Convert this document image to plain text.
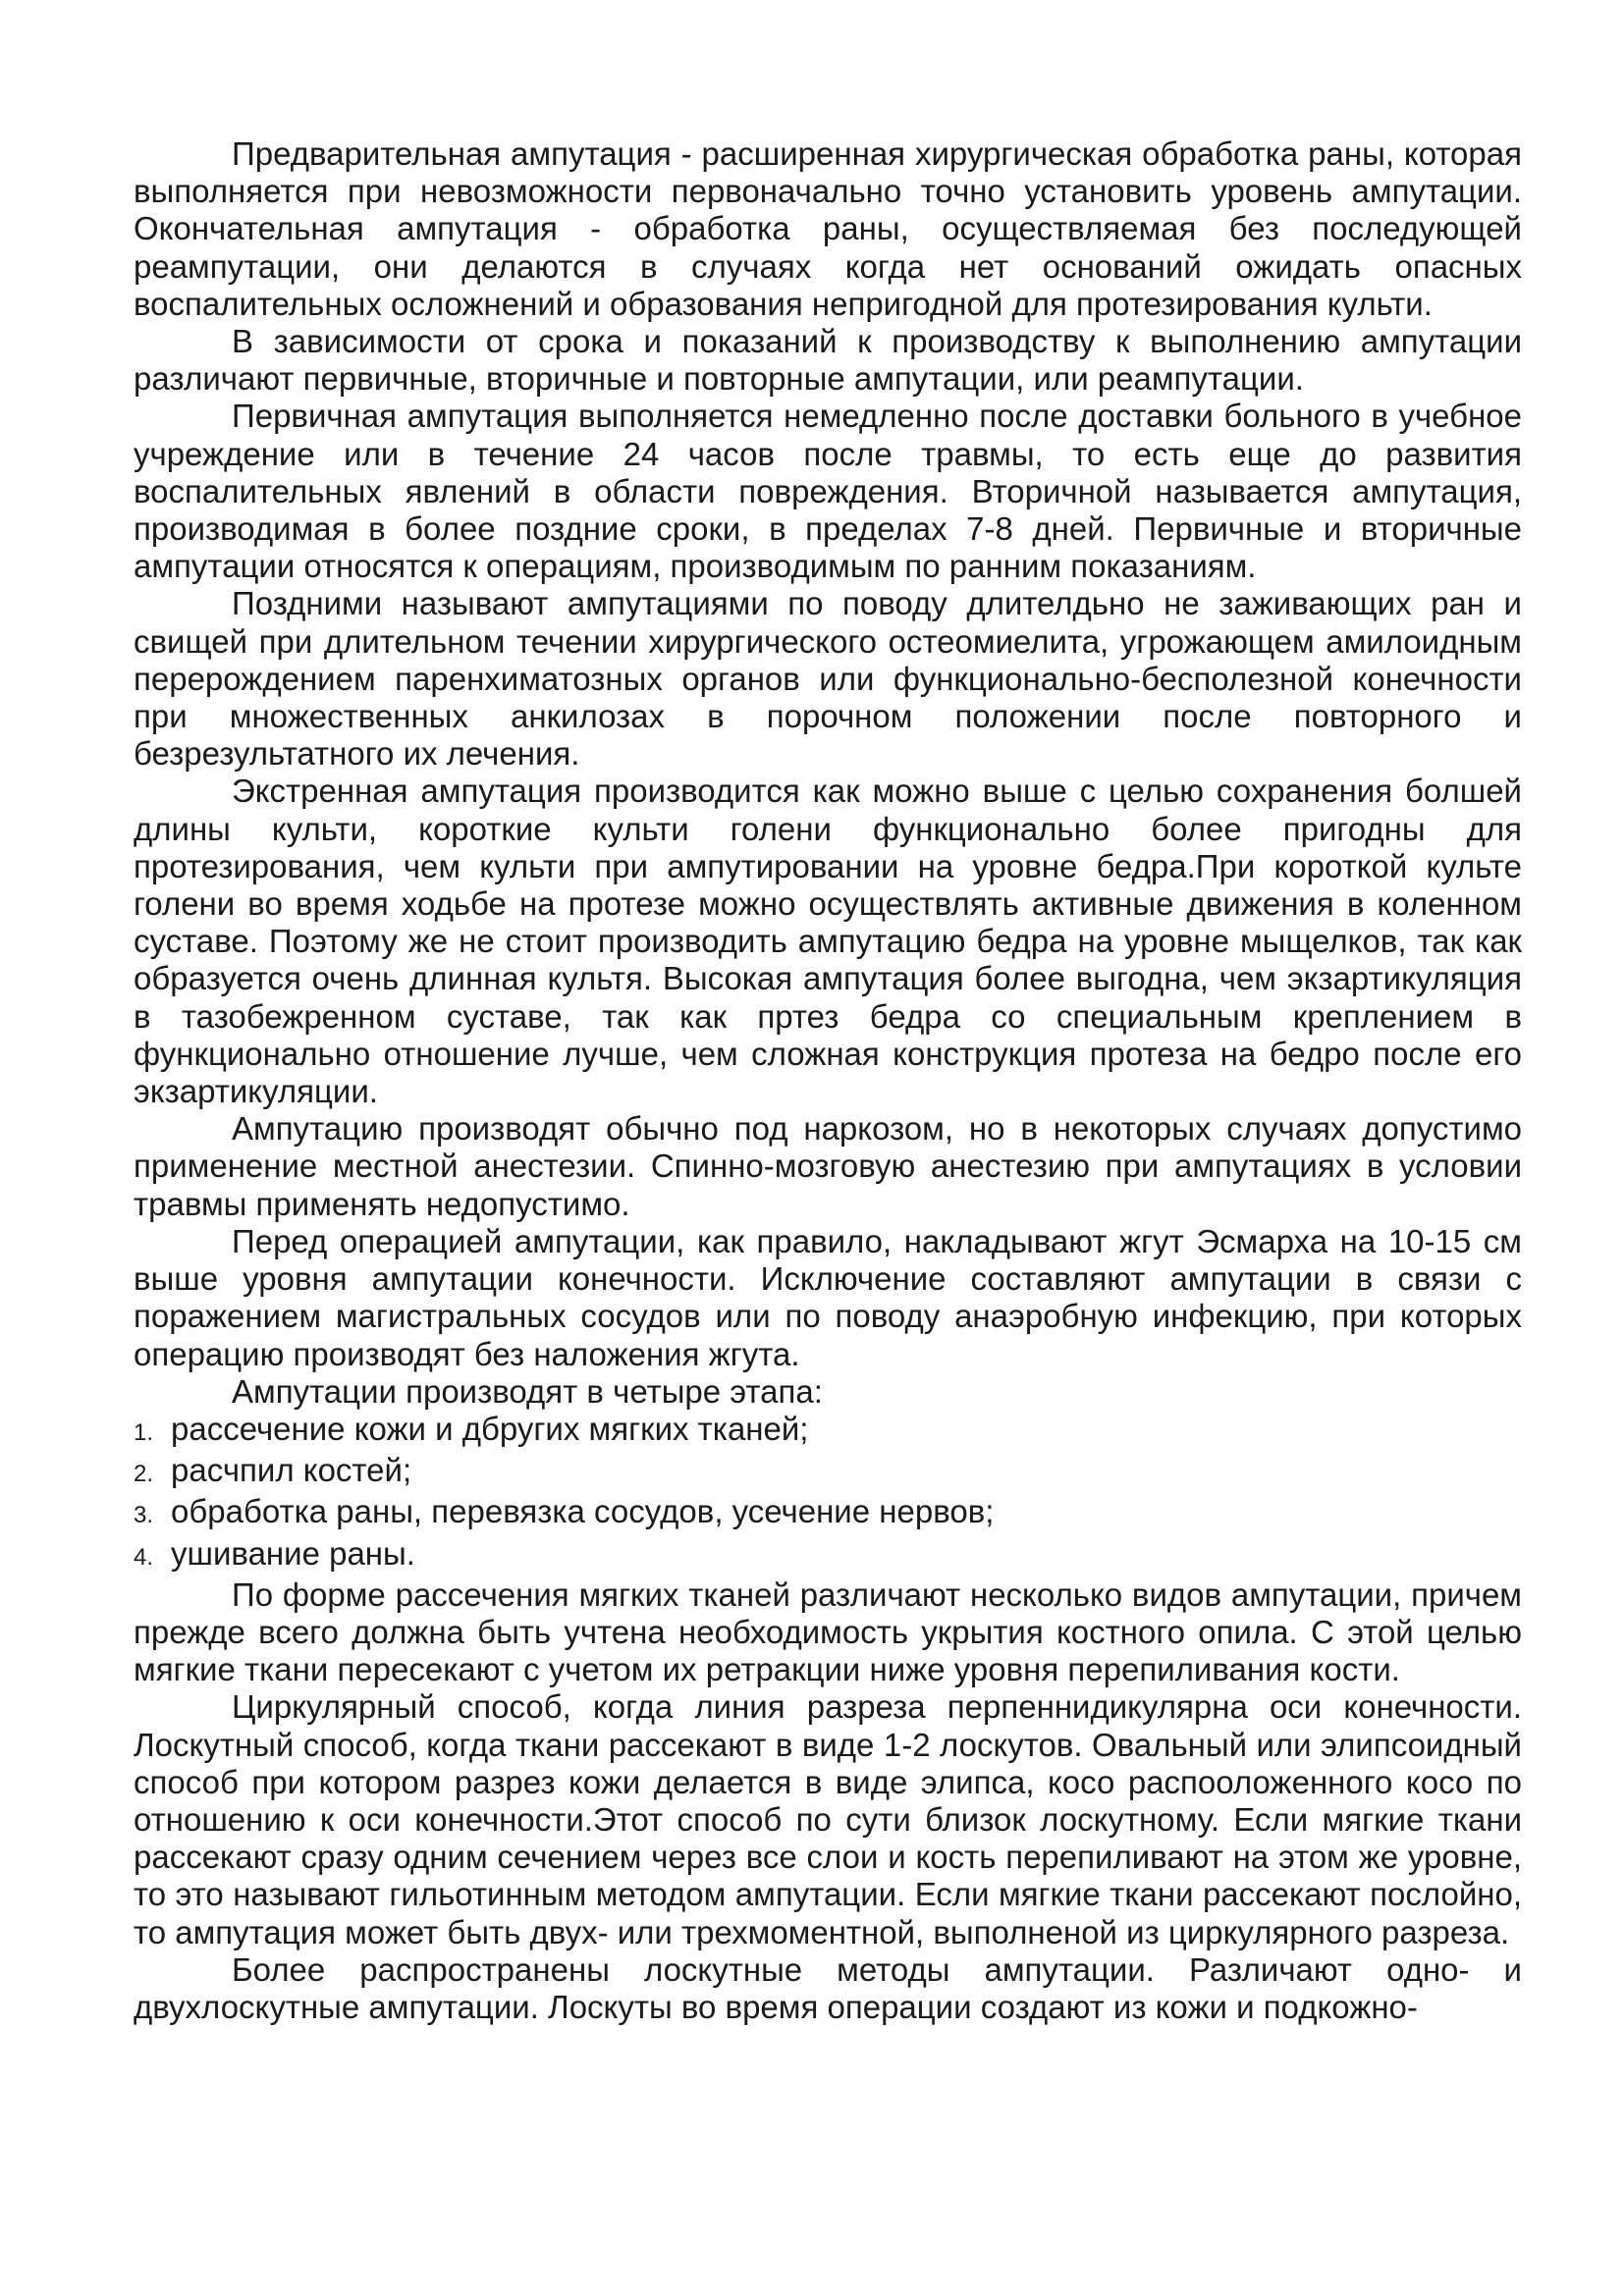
Предварительная ампутация - расширенная хирургическая обработка раны, которая выполняется при невозможности первоначально точно установить уровень ампутации. Окончательная ампутация - обработка раны, осуществляемая без последующей реампутации, они делаются в случаях когда нет оснований ожидать опасных воспалительных осложнений и образования непригодной для протезирования культи.

В зависимости от срока и показаний к производству к выполнению ампутации различают первичные, вторичные и повторные ампутации, или реампутации.

Первичная ампутация выполняется немедленно после доставки больного в учебное учреждение или в течение 24 часов после травмы, то есть еще до развития воспалительных явлений в области повреждения. Вторичной называется ампутация, производимая в более поздние сроки, в пределах 7-8 дней. Первичные и вторичные ампутации относятся к операциям, производимым по ранним показаниям.

Поздними называют ампутациями по поводу длителдьно не заживающих ран и свищей при длительном течении хирургического остеомиелита, угрожающем амилоидным перерождением паренхиматозных органов или функционально-бесполезной конечности при множественных анкилозах в порочном положении после повторного и безрезультатного их лечения.

Экстренная ампутация производится как можно выше с целью сохранения болшей длины культи, короткие культи голени функционально более пригодны для протезирования, чем культи при ампутировании на уровне бедра.При короткой культе голени во время ходьбе на протезе можно осуществлять активные движения в коленном суставе. Поэтому же не стоит производить ампутацию бедра на уровне мыщелков, так как образуется очень длинная культя. Высокая ампутация более выгодна, чем экзартикуляция в тазобежренном суставе, так как пртез бедра со специальным креплением в функционально отношение лучше, чем сложная конструкция протеза на бедро после его экзартикуляции.

Ампутацию производят обычно под наркозом, но в некоторых случаях допустимо применение местной анестезии. Спинно-мозговую анестезию при ампутациях в условии травмы применять недопустимо.

Перед операцией ампутации, как правило, накладывают жгут Эсмарха на 10-15 см выше уровня ампутации конечности. Исключение составляют ампутации в связи с поражением магистральных сосудов или по поводу анаэробную инфекцию, при которых операцию производят без наложения жгута.

Ампутации производят в четыре этапа:

1. рассечение кожи и дбругих мягких тканей;
2. расчпил костей;
3. обработка раны, перевязка сосудов, усечение нервов;
4. ушивание раны.

По форме рассечения мягких тканей различают несколько видов ампутации, причем прежде всего должна быть учтена необходимость укрытия костного опила. С этой целью мягкие ткани пересекают с учетом их ретракции ниже уровня перепиливания кости.

Циркулярный способ, когда линия разреза перпеннидикулярна оси конечности. Лоскутный способ, когда ткани рассекают в виде 1-2 лоскутов. Овальный или элипсоидный способ при котором разрез кожи делается в виде элипса, косо распооложенного косо по отношению к оси конечности.Этот способ по сути близок лоскутному. Если мягкие ткани рассекают сразу одним сечением через все слои и кость перепиливают на этом же уровне, то это называют гильотинным методом ампутации. Если мягкие ткани рассекают послойно, то ампутация может быть двух- или трехмоментной, выполненой из циркулярного разреза.

Более распространены лоскутные методы ампутации. Различают одно- и двухлоскутные ампутации. Лоскуты во время операции создают из кожи и подкожно-
